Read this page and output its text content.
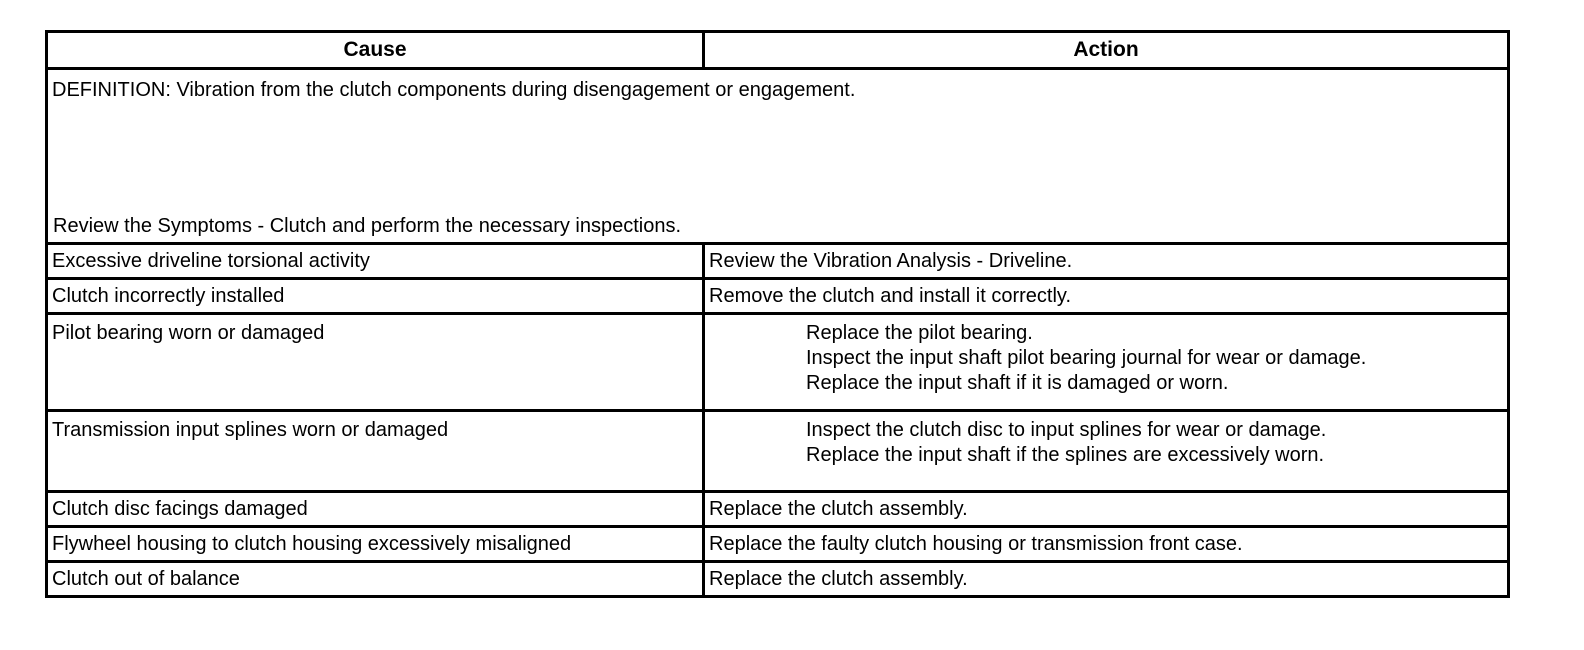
Cause	Action

DEFINITION: Vibration from the clutch components during disengagement or engagement.
Review the Symptoms - Clutch and perform the necessary inspections.	

Excessive driveline torsional activity	Review the Vibration Analysis - Driveline.
Clutch incorrectly installed	Remove the clutch and install it correctly.
Pilot bearing worn or damaged	Replace the pilot bearing.
Inspect the input shaft pilot bearing journal for wear or damage.
Replace the input shaft if it is damaged or worn.

Transmission input splines worn or damaged	Inspect the clutch disc to input splines for wear or damage.
Replace the input shaft if the splines are excessively worn.

Clutch disc facings damaged	Replace the clutch assembly.
Flywheel housing to clutch housing excessively misaligned	Replace the faulty clutch housing or transmission front case.
Clutch out of balance	Replace the clutch assembly.
